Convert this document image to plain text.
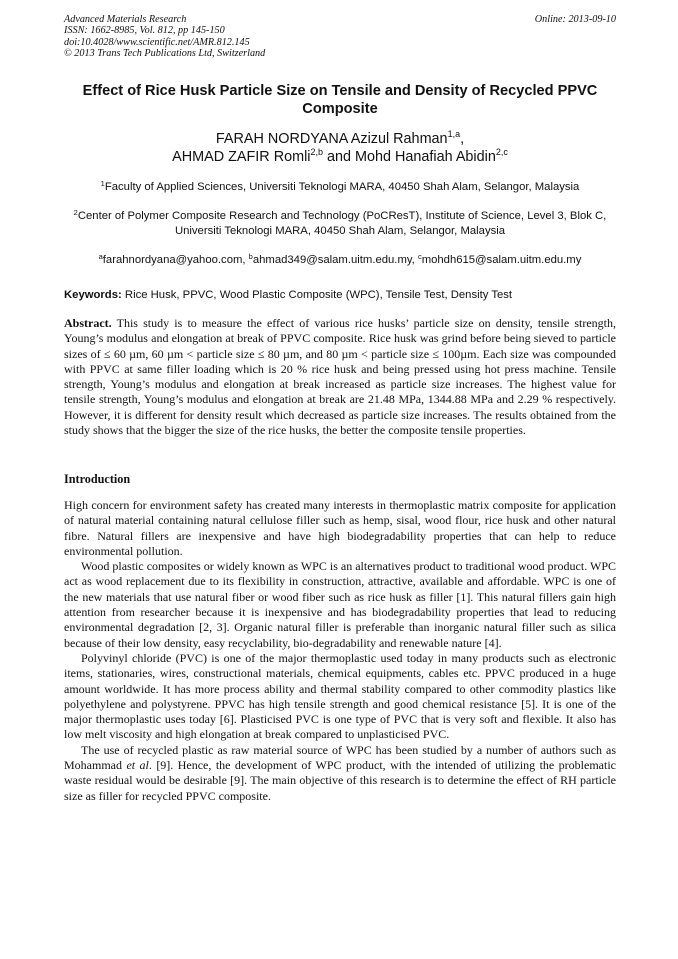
Advanced Materials Research
ISSN: 1662-8985, Vol. 812, pp 145-150
doi:10.4028/www.scientific.net/AMR.812.145
© 2013 Trans Tech Publications Ltd, Switzerland
Online: 2013-09-10
Effect of Rice Husk Particle Size on Tensile and Density of Recycled PPVC Composite
FARAH NORDYANA Azizul Rahman$^{1,a}$,
AHMAD ZAFIR Romli$^{2,b}$ and Mohd Hanafiah Abidin$^{2,c}$
$^1$Faculty of Applied Sciences, Universiti Teknologi MARA, 40450 Shah Alam, Selangor, Malaysia
$^2$Center of Polymer Composite Research and Technology (PoCResT), Institute of Science, Level 3, Blok C, Universiti Teknologi MARA, 40450 Shah Alam, Selangor, Malaysia
$^a$farahnordyana@yahoo.com, $^b$ahmad349@salam.uitm.edu.my, $^c$mohdh615@salam.uitm.edu.my
Keywords: Rice Husk, PPVC, Wood Plastic Composite (WPC), Tensile Test, Density Test

Abstract. This study is to measure the effect of various rice husks’ particle size on density, tensile strength, Young’s modulus and elongation at break of PPVC composite. Rice husk was grind before being sieved to particle sizes of ≤ 60 µm, 60 µm < particle size ≤ 80 µm, and 80 µm < particle size ≤ 100µm. Each size was compounded with PPVC at same filler loading which is 20 % rice husk and being pressed using hot press machine. Tensile strength, Young’s modulus and elongation at break increased as particle size increases. The highest value for tensile strength, Young’s modulus and elongation at break are 21.48 MPa, 1344.88 MPa and 2.29 % respectively. However, it is different for density result which decreased as particle size increases. The results obtained from the study shows that the bigger the size of the rice husks, the better the composite tensile properties.

Introduction

High concern for environment safety has created many interests in thermoplastic matrix composite for application of natural material containing natural cellulose filler such as hemp, sisal, wood flour, rice husk and other natural fibre. Natural fillers are inexpensive and have high biodegradability properties that can help to reduce environmental pollution.

Wood plastic composites or widely known as WPC is an alternatives product to traditional wood product. WPC act as wood replacement due to its flexibility in construction, attractive, available and affordable. WPC is one of the new materials that use natural fiber or wood fiber such as rice husk as filler [1]. This natural fillers gain high attention from researcher because it is inexpensive and has biodegradability properties that lead to reducing environmental degradation [2, 3]. Organic natural filler is preferable than inorganic natural filler such as silica because of their low density, easy recyclability, bio-degradability and renewable nature [4].

Polyvinyl chloride (PVC) is one of the major thermoplastic used today in many products such as electronic items, stationaries, wires, constructional materials, chemical equipments, cables etc. PPVC produced in a huge amount worldwide. It has more process ability and thermal stability compared to other commodity plastics like polyethylene and polystyrene. PPVC has high tensile strength and good chemical resistance [5]. It is one of the major thermoplastic uses today [6]. Plasticised PVC is one type of PVC that is very soft and flexible. It also has low melt viscosity and high elongation at break compared to unplasticised PVC.

The use of recycled plastic as raw material source of WPC has been studied by a number of authors such as Mohammad et al. [9]. Hence, the development of WPC product, with the intended of utilizing the problematic waste residual would be desirable [9]. The main objective of this research is to determine the effect of RH particle size as filler for recycled PPVC composite.
